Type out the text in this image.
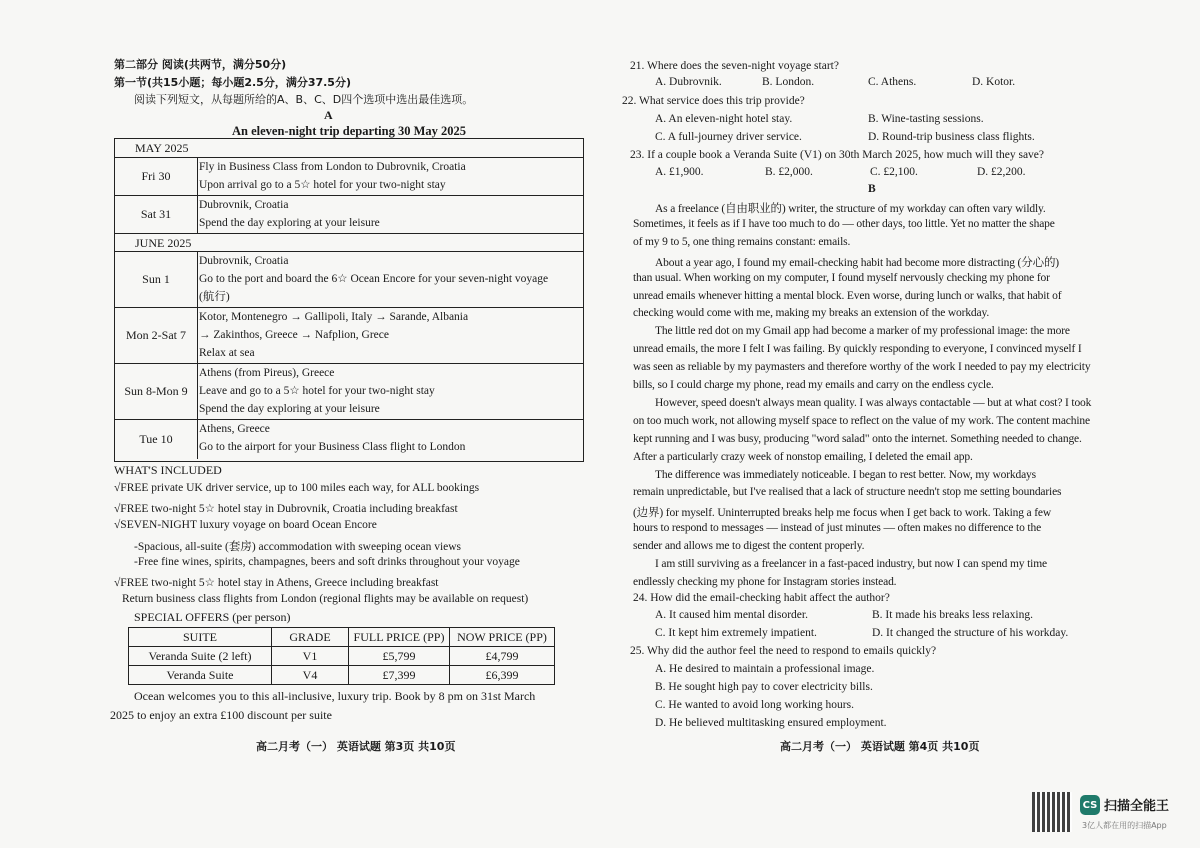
第二部分 阅读(共两节，满分50分)
第一节(共15小题；每小题2.5分，满分37.5分)
阅读下列短文，从每题所给的A、B、C、D四个选项中选出最佳选项。
A
An eleven-night trip departing 30 May 2025
MAY 2025
Fri 30
Fly in Business Class from London to Dubrovnik, Croatia
Upon arrival go to a 5☆ hotel for your two-night stay
Sat 31
Dubrovnik, Croatia
Spend the day exploring at your leisure
JUNE 2025
Sun 1
Dubrovnik, Croatia
Go to the port and board the 6☆ Ocean Encore for your seven-night voyage
(航行)
Mon 2-Sat 7
Kotor, Montenegro → Gallipoli, Italy → Sarande, Albania
→ Zakinthos, Greece → Nafplion, Grece
Relax at sea
Sun 8-Mon 9
Athens (from Pireus), Greece
Leave and go to a 5☆ hotel for your two-night stay
Spend the day exploring at your leisure
Tue 10
Athens, Greece
Go to the airport for your Business Class flight to London
WHAT'S INCLUDED
√FREE private UK driver service, up to 100 miles each way, for ALL bookings
√FREE two-night 5☆ hotel stay in Dubrovnik, Croatia including breakfast
√SEVEN-NIGHT luxury voyage on board Ocean Encore
-Spacious, all-suite (套房) accommodation with sweeping ocean views
-Free fine wines, spirits, champagnes, beers and soft drinks throughout your voyage
√FREE two-night 5☆ hotel stay in Athens, Greece including breakfast
Return business class flights from London (regional flights may be available on request)
SPECIAL OFFERS (per person)
SUITE	GRADE	FULL PRICE (PP)	NOW PRICE (PP)
Veranda Suite (2 left)	V1	£5,799	£4,799
Veranda Suite	V4	£7,399	£6,399
Ocean welcomes you to this all-inclusive, luxury trip. Book by 8 pm on 31st March
2025 to enjoy an extra £100 discount per suite
高二月考（一） 英语试题 第3页 共10页
21. Where does the seven-night voyage start?
A. Dubrovnik.	B. London.	C. Athens.	D. Kotor.
22. What service does this trip provide?
A. An eleven-night hotel stay.	B. Wine-tasting sessions.
C. A full-journey driver service.	D. Round-trip business class flights.
23. If a couple book a Veranda Suite (V1) on 30th March 2025, how much will they save?
A. £1,900.	B. £2,000.	C. £2,100.	D. £2,200.
B
As a freelance (自由职业的) writer, the structure of my workday can often vary wildly.
Sometimes, it feels as if I have too much to do — other days, too little. Yet no matter the shape
of my 9 to 5, one thing remains constant: emails.
About a year ago, I found my email-checking habit had become more distracting (分心的)
than usual. When working on my computer, I found myself nervously checking my phone for
unread emails whenever hitting a mental block. Even worse, during lunch or walks, that habit of
checking would come with me, making my breaks an extension of the workday.
The little red dot on my Gmail app had become a marker of my professional image: the more
unread emails, the more I felt I was failing. By quickly responding to everyone, I convinced myself I
was seen as reliable by my paymasters and therefore worthy of the work I needed to pay my electricity
bills, so I could charge my phone, read my emails and carry on the endless cycle.
However, speed doesn't always mean quality. I was always contactable — but at what cost? I took
on too much work, not allowing myself space to reflect on the value of my work. The content machine
kept running and I was busy, producing "word salad" onto the internet. Something needed to change.
After a particularly crazy week of nonstop emailing, I deleted the email app.
The difference was immediately noticeable. I began to rest better. Now, my workdays
remain unpredictable, but I've realised that a lack of structure needn't stop me setting boundaries
(边界) for myself. Uninterrupted breaks help me focus when I get back to work. Taking a few
hours to respond to messages — instead of just minutes — often makes no difference to the
sender and allows me to digest the content properly.
I am still surviving as a freelancer in a fast-paced industry, but now I can spend my time
endlessly checking my phone for Instagram stories instead.
24. How did the email-checking habit affect the author?
A. It caused him mental disorder.	B. It made his breaks less relaxing.
C. It kept him extremely impatient.	D. It changed the structure of his workday.
25. Why did the author feel the need to respond to emails quickly?
A. He desired to maintain a professional image.
B. He sought high pay to cover electricity bills.
C. He wanted to avoid long working hours.
D. He believed multitasking ensured employment.
高二月考（一） 英语试题 第4页 共10页
CS 扫描全能王
3亿人都在用的扫描App
